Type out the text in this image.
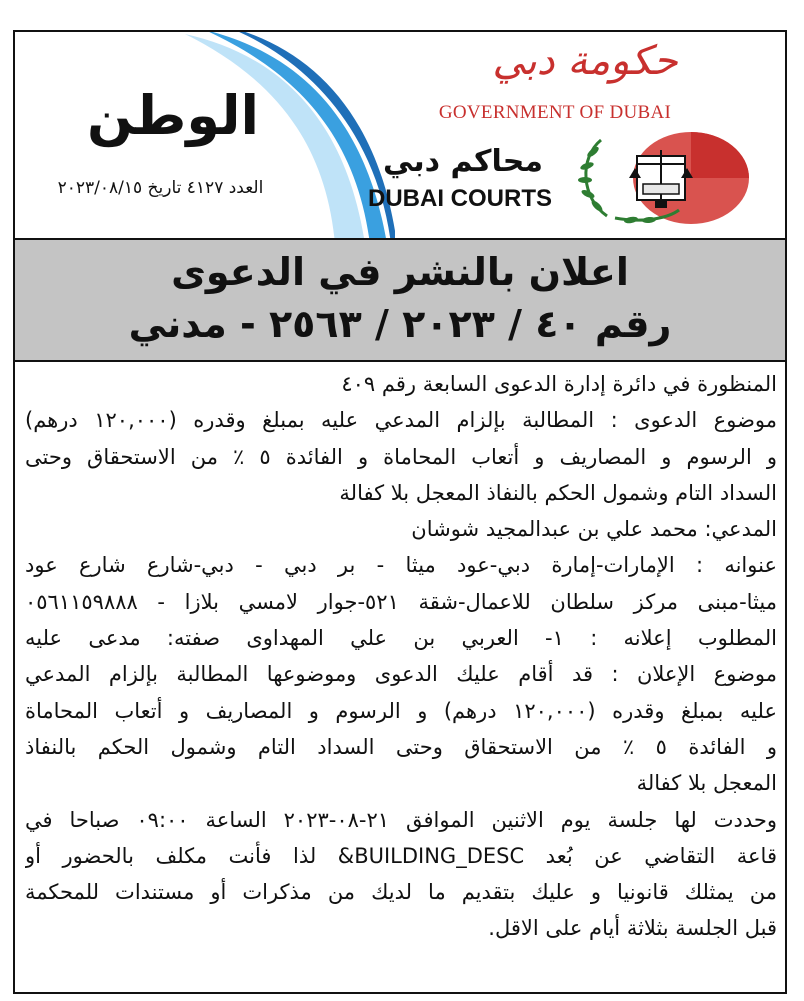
الوطن
العدد ٤١٢٧ تاريخ ٢٠٢٣/٠٨/١٥
حكومة دبي
GOVERNMENT OF DUBAI
محاكم دبي
DUBAI COURTS
اعلان بالنشر في الدعوى
رقم ٤٠ / ٢٠٢٣ / ٢٥٦٣ - مدني
المنظورة في دائرة إدارة الدعوى السابعة رقم ٤٠٩
موضوع الدعوى : المطالبة بإلزام المدعي عليه بمبلغ وقدره (١٢٠,٠٠٠ درهم)
و الرسوم و المصاريف و أتعاب المحاماة و الفائدة ٥ ٪ من الاستحقاق وحتى
السداد التام وشمول الحكم بالنفاذ المعجل بلا كفالة
المدعي: محمد علي بن عبدالمجيد شوشان
عنوانه : الإمارات-إمارة دبي-عود ميثا - بر دبي - دبي-شارع شارع عود
ميثا-مبنى مركز سلطان للاعمال-شقة ٥٢١-جوار لامسي بلازا - ٠٥٦١١٥٩٨٨٨
المطلوب إعلانه : ١- العربي بن علي المهداوى صفته: مدعى عليه
موضوع الإعلان : قد أقام عليك الدعوى وموضوعها المطالبة بإلزام المدعي
عليه بمبلغ وقدره (١٢٠,٠٠٠ درهم) و الرسوم و المصاريف و أتعاب المحاماة
و الفائدة ٥ ٪ من الاستحقاق وحتى السداد التام وشمول الحكم بالنفاذ
المعجل بلا كفالة
وحددت لها جلسة يوم الاثنين الموافق ٢١-٠٨-٢٠٢٣ الساعة ٠٩:٠٠ صباحا في
قاعة التقاضي عن بُعد BUILDING_DESC& لذا فأنت مكلف بالحضور أو
من يمثلك قانونيا و عليك بتقديم ما لديك من مذكرات أو مستندات للمحكمة
قبل الجلسة بثلاثة أيام على الاقل.
